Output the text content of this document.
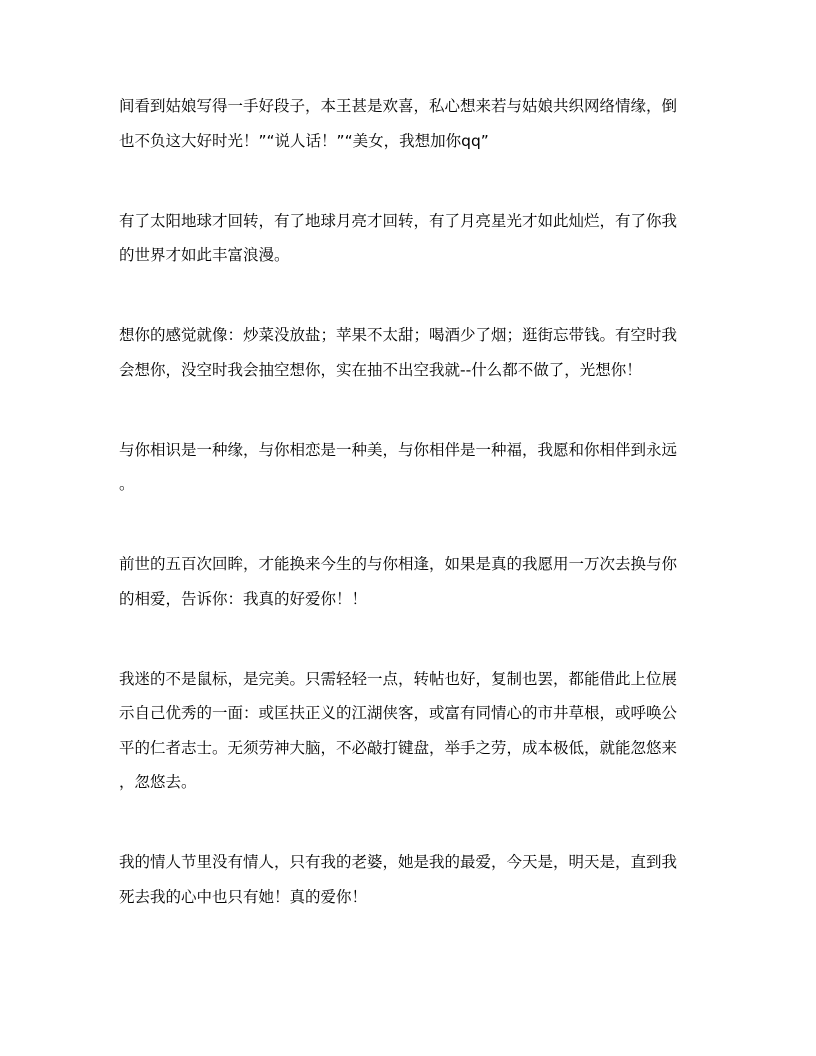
间看到姑娘写得一手好段子，本王甚是欢喜，私心想来若与姑娘共织网络情缘，倒
也不负这大好时光！”“说人话！”“美女，我想加你qq”
有了太阳地球才回转，有了地球月亮才回转，有了月亮星光才如此灿烂，有了你我
的世界才如此丰富浪漫。
想你的感觉就像：炒菜没放盐；苹果不太甜；喝酒少了烟；逛街忘带钱。有空时我
会想你，没空时我会抽空想你，实在抽不出空我就--什么都不做了，光想你！
与你相识是一种缘，与你相恋是一种美，与你相伴是一种福，我愿和你相伴到永远
。
前世的五百次回眸，才能换来今生的与你相逢，如果是真的我愿用一万次去换与你
的相爱，告诉你：我真的好爱你！！
我迷的不是鼠标，是完美。只需轻轻一点，转帖也好，复制也罢，都能借此上位展
示自己优秀的一面：或匡扶正义的江湖侠客，或富有同情心的市井草根，或呼唤公
平的仁者志士。无须劳神大脑，不必敲打键盘，举手之劳，成本极低，就能忽悠来
，忽悠去。
我的情人节里没有情人，只有我的老婆，她是我的最爱，今天是，明天是，直到我
死去我的心中也只有她！真的爱你！
